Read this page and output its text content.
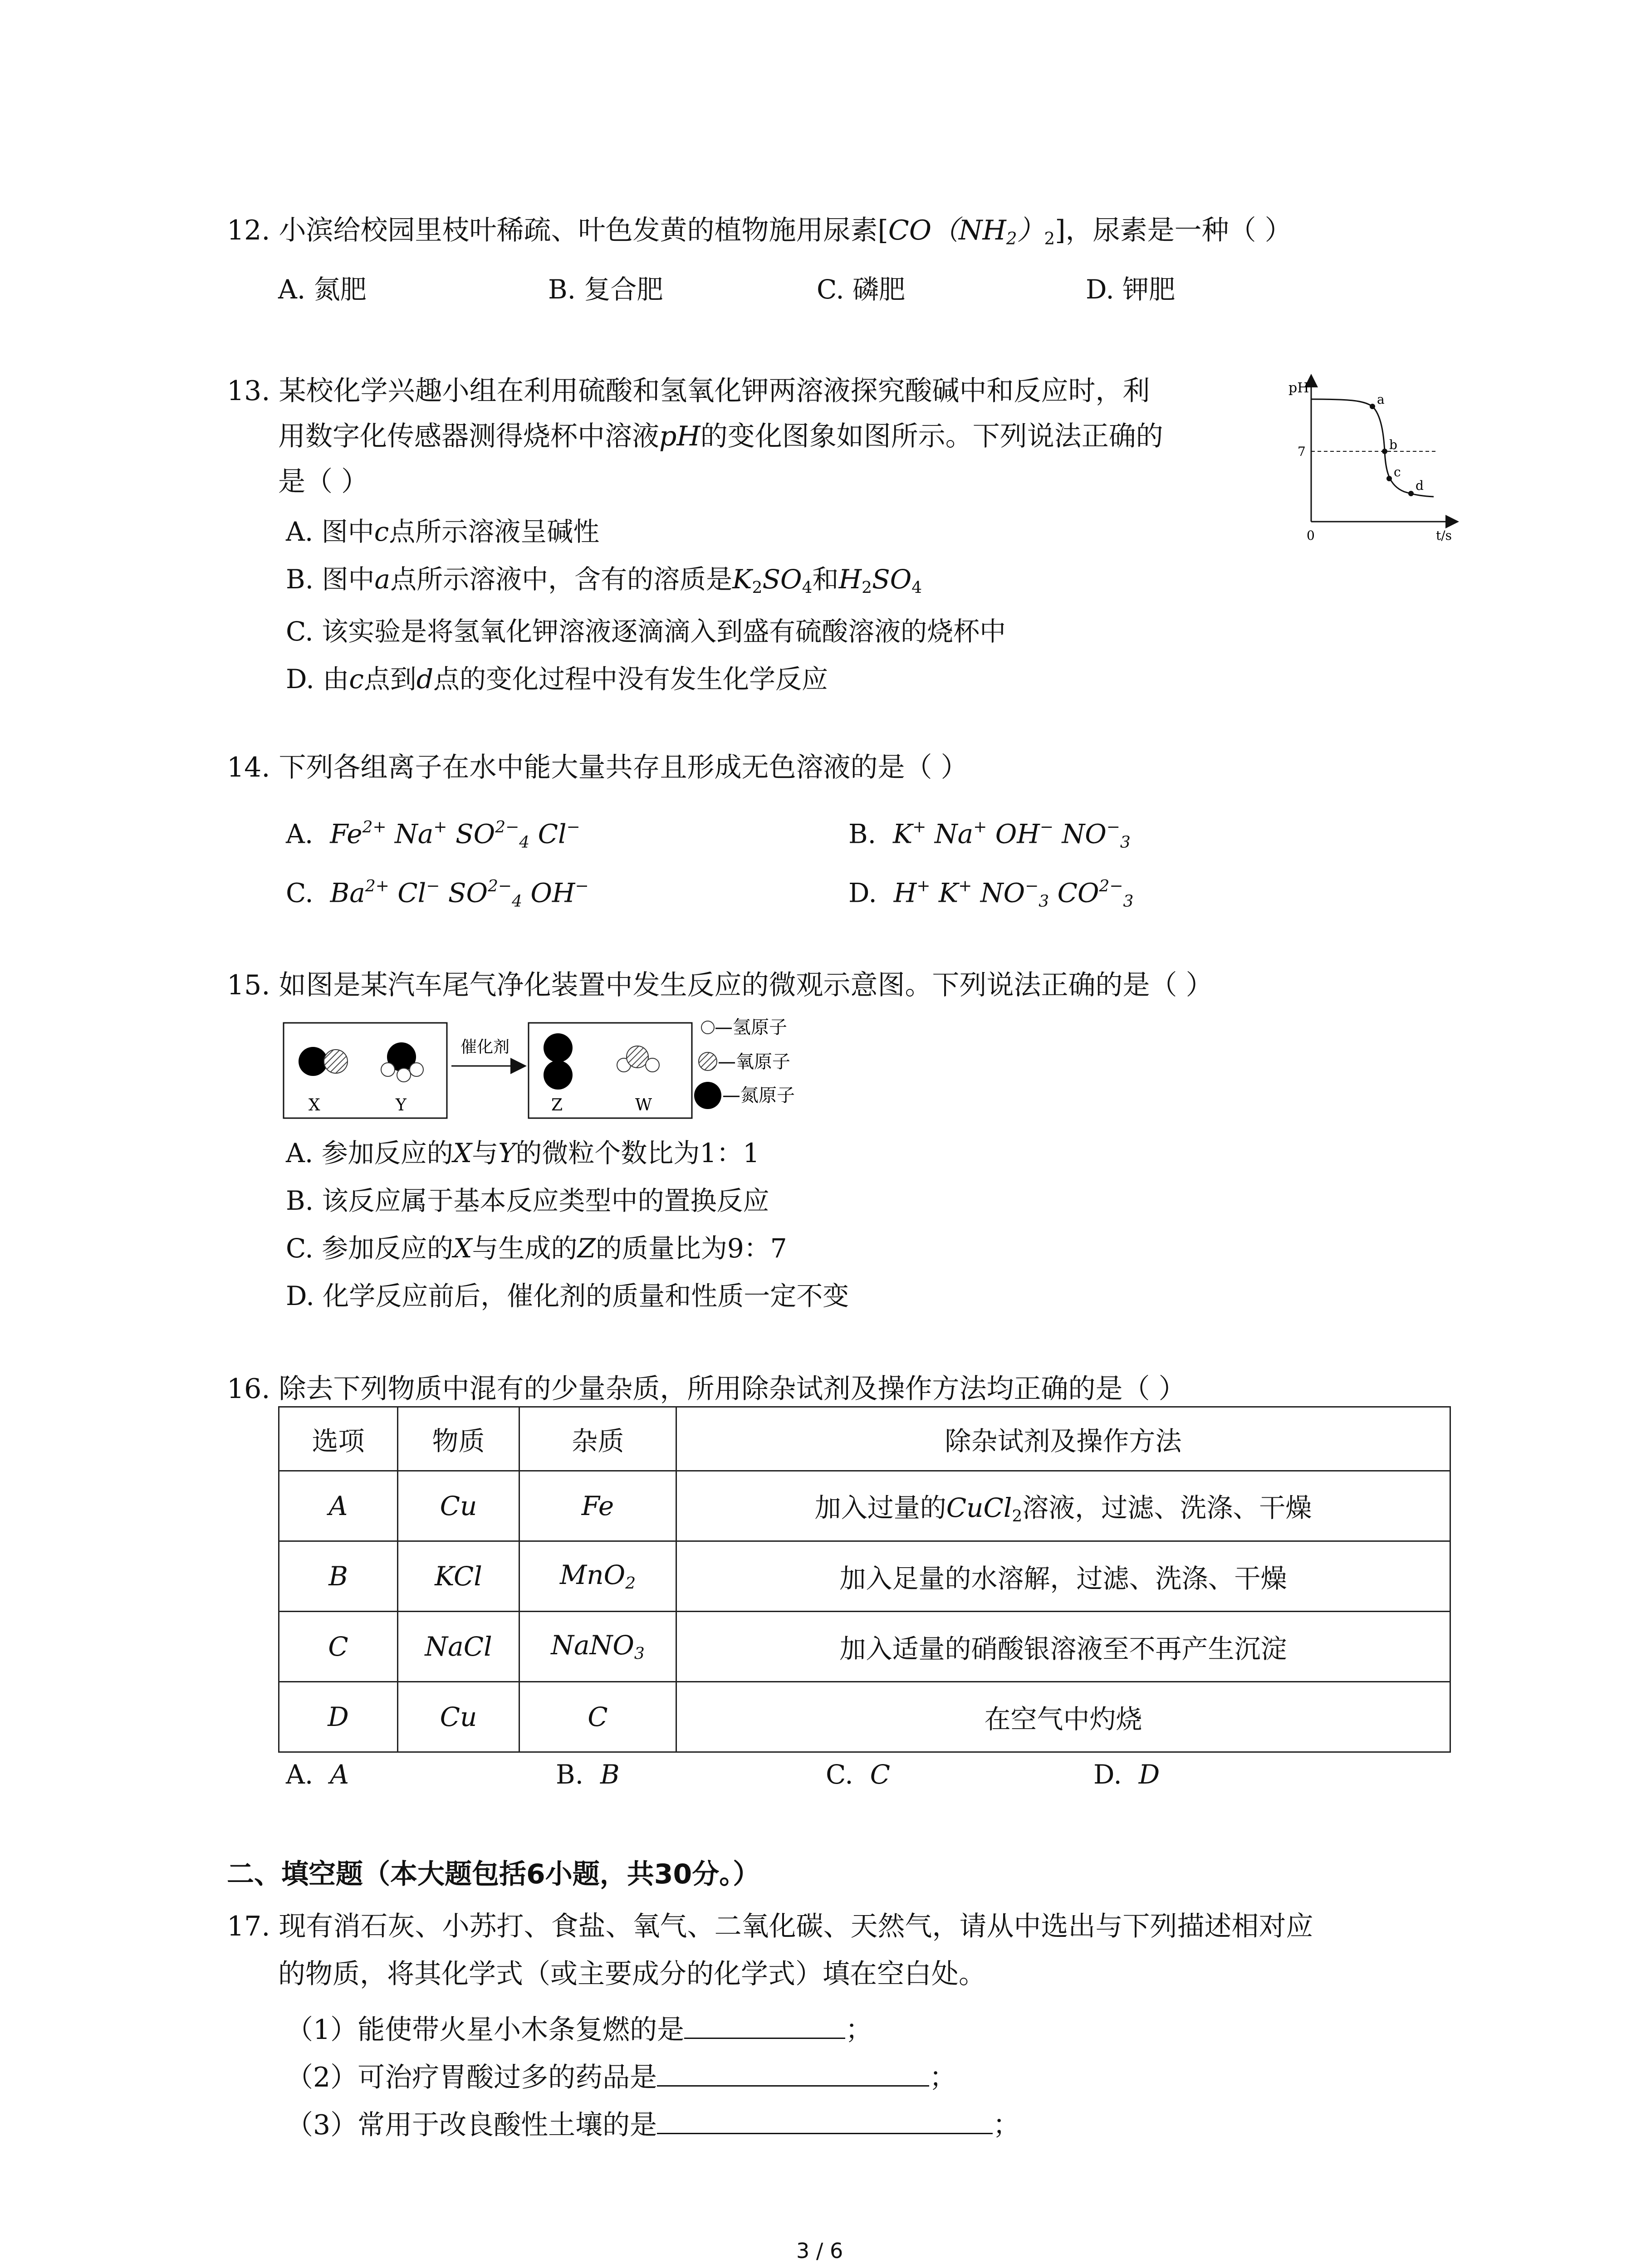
12. 小滨给校园里枝叶稀疏、叶色发黄的植物施用尿素$[CO(NH_2)_2]$，尿素是一种（ ）
A. 氮肥	B. 复合肥	C. 磷肥	D. 钾肥
13. 某校化学兴趣小组在利用硫酸和氢氧化钾两溶液探究酸碱中和反应时，利
用数字化传感器测得烧杯中溶液pH的变化图象如图所示。下列说法正确的
是（ ）
A. 图中c点所示溶液呈碱性
B. 图中a点所示溶液中，含有的溶质是$K_2SO_4$和$H_2SO_4$
C. 该实验是将氢氧化钾溶液逐滴滴入到盛有硫酸溶液的烧杯中
D. 由c点到d点的变化过程中没有发生化学反应
pH
t/s
0
7
a
b
c
d
14. 下列各组离子在水中能大量共存且形成无色溶液的是（ ）
A. $Fe^{2+}$ Na+ $SO^{2-}_4$ Cl−	B. K+ Na+ OH− $NO^-_3$
C. $Ba^{2+}$ Cl− $SO^{2-}_4$ OH−	D. H+ K+ $NO^-_3$ $CO^{2-}_3$
15. 如图是某汽车尾气净化装置中发生反应的微观示意图。下列说法正确的是（ ）
X	Y
催化剂
Z	W
—氢原子
—氧原子
—氮原子
A. 参加反应的X与Y的微粒个数比为1：1
B. 该反应属于基本反应类型中的置换反应
C. 参加反应的X与生成的Z的质量比为9：7
D. 化学反应前后，催化剂的质量和性质一定不变
16. 除去下列物质中混有的少量杂质，所用除杂试剂及操作方法均正确的是（ ）
选项	物质	杂质	除杂试剂及操作方法
A	Cu	Fe	加入过量的CuCl$_2$溶液，过滤、洗涤、干燥
B	KCl	MnO$_2$	加入足量的水溶解，过滤、洗涤、干燥
C	NaCl	NaNO$_3$	加入适量的硝酸银溶液至不再产生沉淀
D	Cu	C	在空气中灼烧
A. A	B. B	C. C	D. D
二、填空题（本大题包括6小题，共30分。）
17. 现有消石灰、小苏打、食盐、氧气、二氧化碳、天然气，请从中选出与下列描述相对应
的物质，将其化学式（或主要成分的化学式）填在空白处。
（1）能使带火星小木条复燃的是	；
（2）可治疗胃酸过多的药品是	；
（3）常用于改良酸性土壤的是	；
3 / 6
